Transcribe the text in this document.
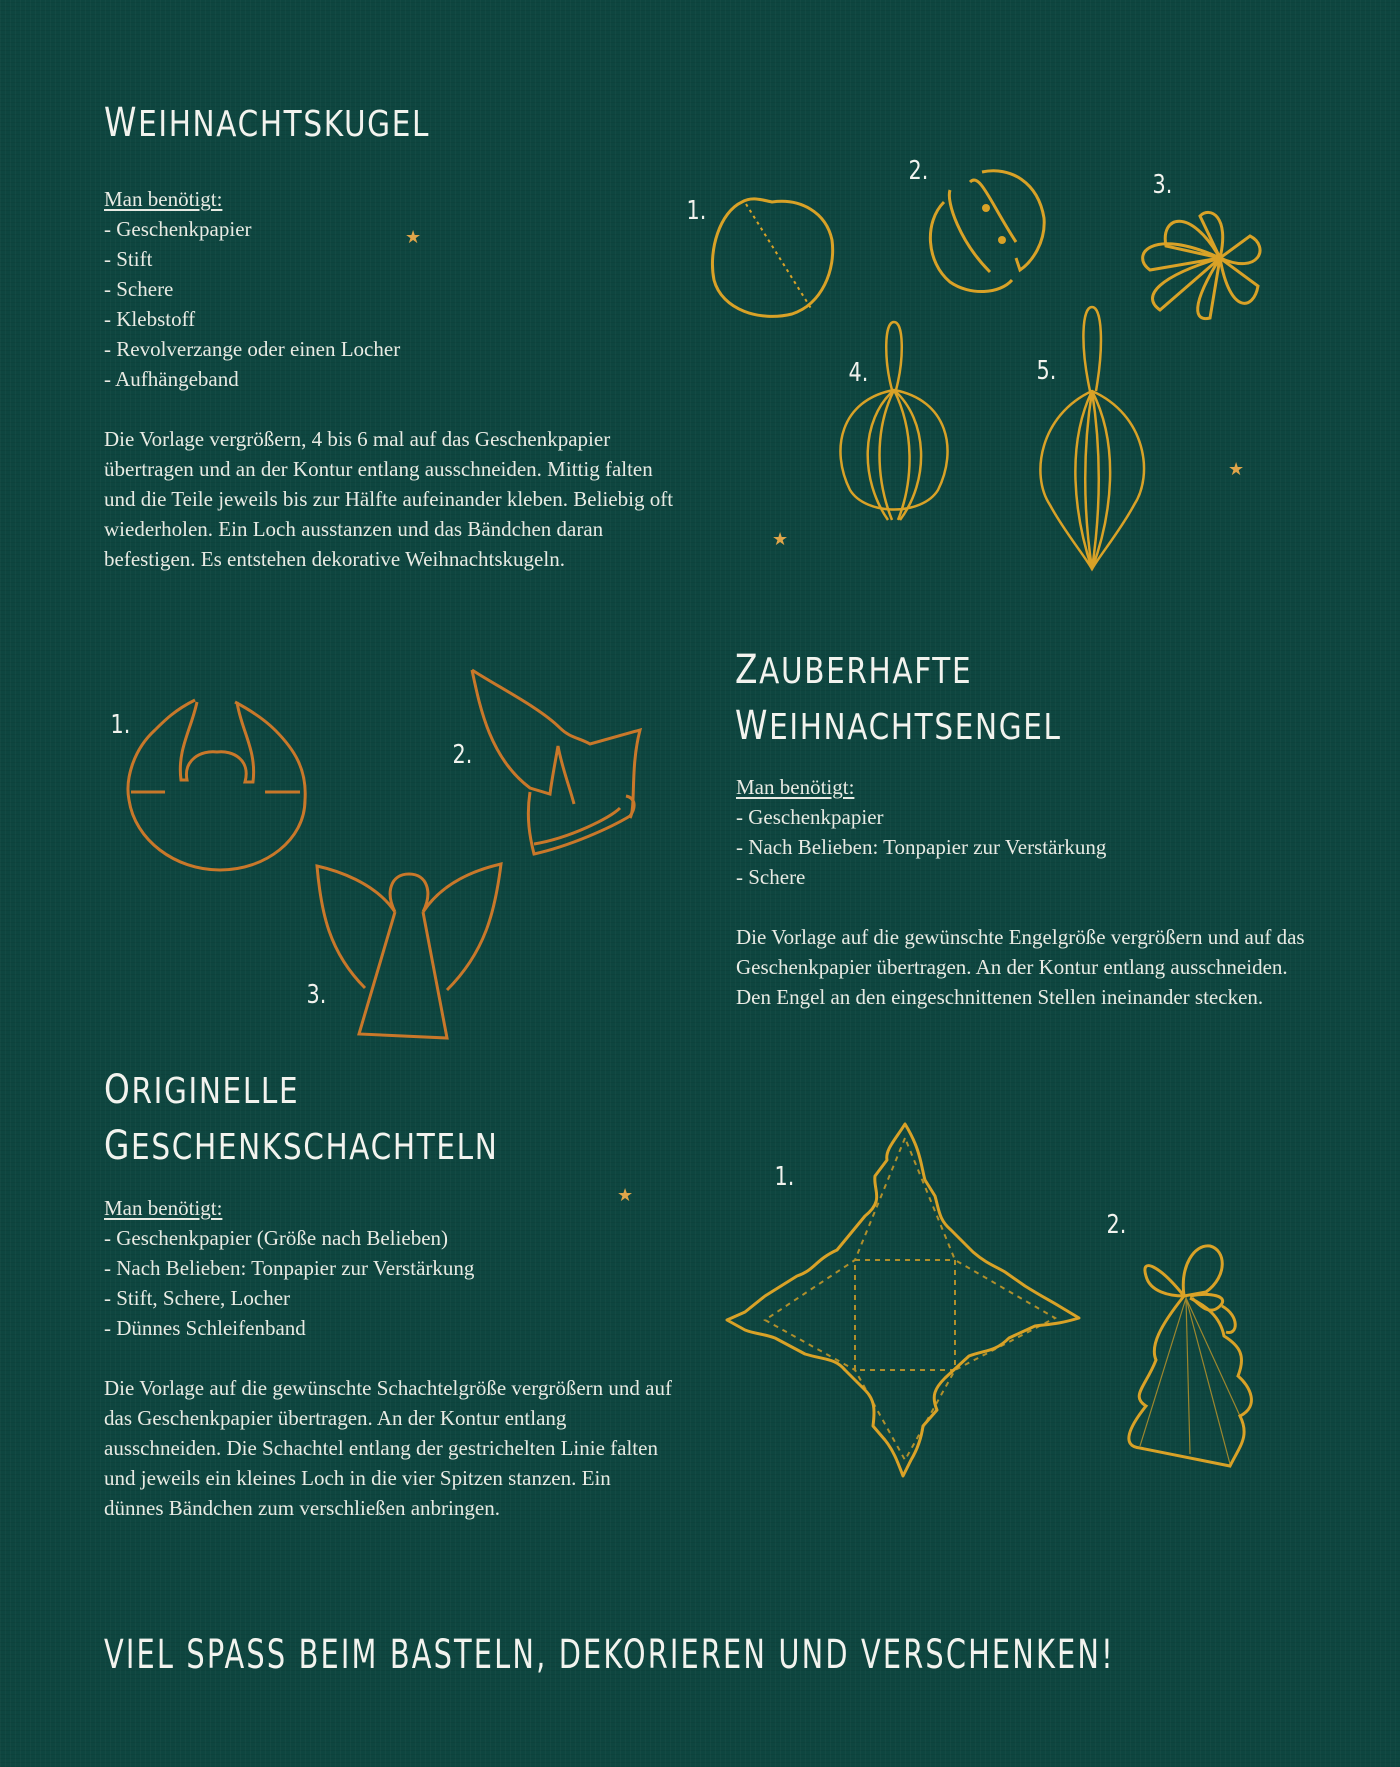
WEIHNACHTSKUGEL
Man benötigt:
- Geschenkpapier
- Stift
- Schere
- Klebstoff
- Revolverzange oder einen Locher
- Aufhängeband

Die Vorlage vergrößern, 4 bis 6 mal auf das Geschenkpapier übertragen und an der Kontur entlang ausschneiden. Mittig falten und die Teile jeweils bis zur Hälfte aufeinander kleben. Beliebig oft wiederholen. Ein Loch ausstanzen und das Bändchen daran befestigen. Es entstehen dekorative Weihnachtskugeln.

★
★
★
★
1.
2.	3.
4.	5.
ZAUBERHAFTE
WEIHNACHTSENGEL
Man benötigt:
- Geschenkpapier
- Nach Belieben: Tonpapier zur Verstärkung
- Schere

Die Vorlage auf die gewünschte Engelgröße vergrößern und auf das Geschenkpapier übertragen. An der Kontur entlang ausschneiden. Den Engel an den eingeschnittenen Stellen ineinander stecken.

1.
2.
3.
ORIGINELLE
GESCHENKSCHACHTELN
Man benötigt:
- Geschenkpapier (Größe nach Belieben)
- Nach Belieben: Tonpapier zur Verstärkung
- Stift, Schere, Locher
- Dünnes Schleifenband

Die Vorlage auf die gewünschte Schachtelgröße vergrößern und auf das Geschenkpapier übertragen. An der Kontur entlang ausschneiden. Die Schachtel entlang der gestrichelten Linie falten und jeweils ein kleines Loch in die vier Spitzen stanzen. Ein dünnes Bändchen zum verschließen anbringen.

1.
2.
VIEL SPASS BEIM BASTELN, DEKORIEREN UND VERSCHENKEN!
